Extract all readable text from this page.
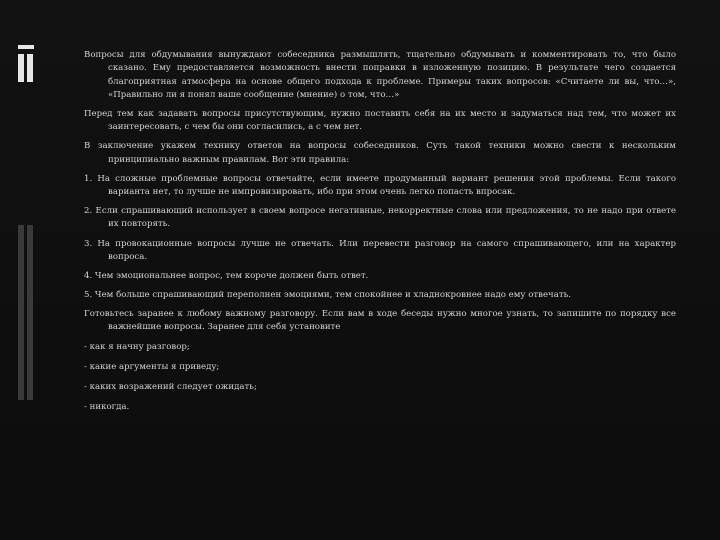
Вопросы для обдумывания вынуждают собеседника размышлять, тщательно обдумывать и комментировать то, что было сказано. Ему предоставляется возможность внести поправки в изложенную позицию. В результате чего создается благоприятная атмосфера на основе общего подхода к проблеме. Примеры таких вопросов: «Считаете ли вы, что…», «Правильно ли я понял ваше сообщение (мнение) о том, что…»

Перед тем как задавать вопросы присутствующим, нужно поставить себя на их место и задуматься над тем, что может их заинтересовать, с чем бы они согласились, а с чем нет.

В заключение укажем технику ответов на вопросы собеседников. Суть такой техники можно свести к нескольким принципиально важным правилам. Вот эти правила:

1. На сложные проблемные вопросы отвечайте, если имеете продуманный вариант решения этой проблемы. Если такого варианта нет, то лучше не импровизировать, ибо при этом очень легко попасть впросак.

2. Если спрашивающий использует в своем вопросе негативные, некорректные слова или предложения, то не надо при ответе их повторять.

3. На провокационные вопросы лучше не отвечать. Или перевести разговор на самого спрашивающего, или на характер вопроса.

4. Чем эмоциональнее вопрос, тем короче должен быть ответ.

5. Чем больше спрашивающий переполнен эмоциями, тем спокойнее и хладнокровнее надо ему отвечать.

Готовьтесь заранее к любому важному разговору. Если вам в ходе беседы нужно многое узнать, то запишите по порядку все важнейшие вопросы. Заранее для себя установите

- как я начну разговор;

- какие аргументы я приведу;

- каких возражений следует ожидать;

- никогда.
